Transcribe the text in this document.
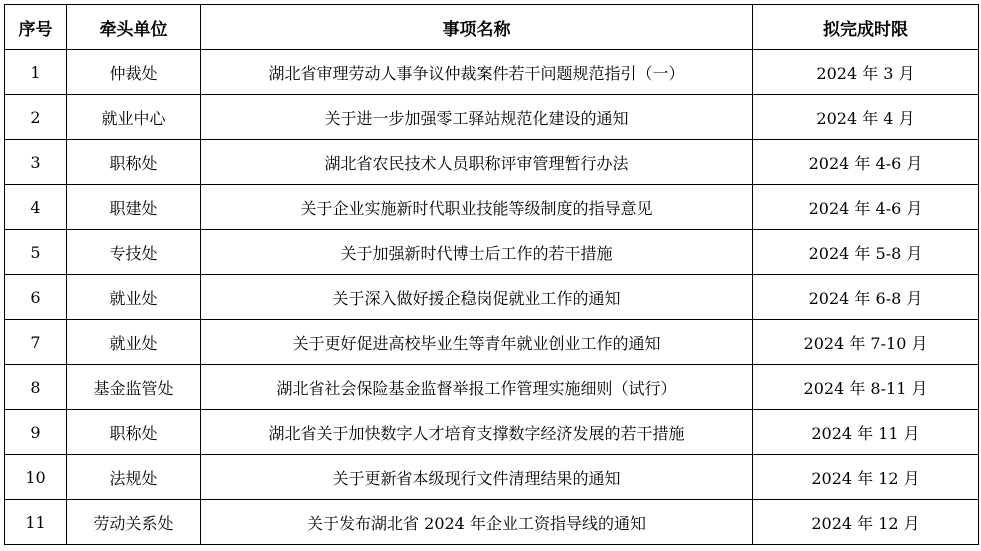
序号	牵头单位	事项名称	拟完成时限
1	仲裁处	湖北省审理劳动人事争议仲裁案件若干问题规范指引（一）	2024 年 3 月
2	就业中心	关于进一步加强零工驿站规范化建设的通知	2024 年 4 月
3	职称处	湖北省农民技术人员职称评审管理暂行办法	2024 年 4-6 月
4	职建处	关于企业实施新时代职业技能等级制度的指导意见	2024 年 4-6 月
5	专技处	关于加强新时代博士后工作的若干措施	2024 年 5-8 月
6	就业处	关于深入做好援企稳岗促就业工作的通知	2024 年 6-8 月
7	就业处	关于更好促进高校毕业生等青年就业创业工作的通知	2024 年 7-10 月
8	基金监管处	湖北省社会保险基金监督举报工作管理实施细则（试行）	2024 年 8-11 月
9	职称处	湖北省关于加快数字人才培育支撑数字经济发展的若干措施	2024 年 11 月
10	法规处	关于更新省本级现行文件清理结果的通知	2024 年 12 月
11	劳动关系处	关于发布湖北省 2024 年企业工资指导线的通知	2024 年 12 月
